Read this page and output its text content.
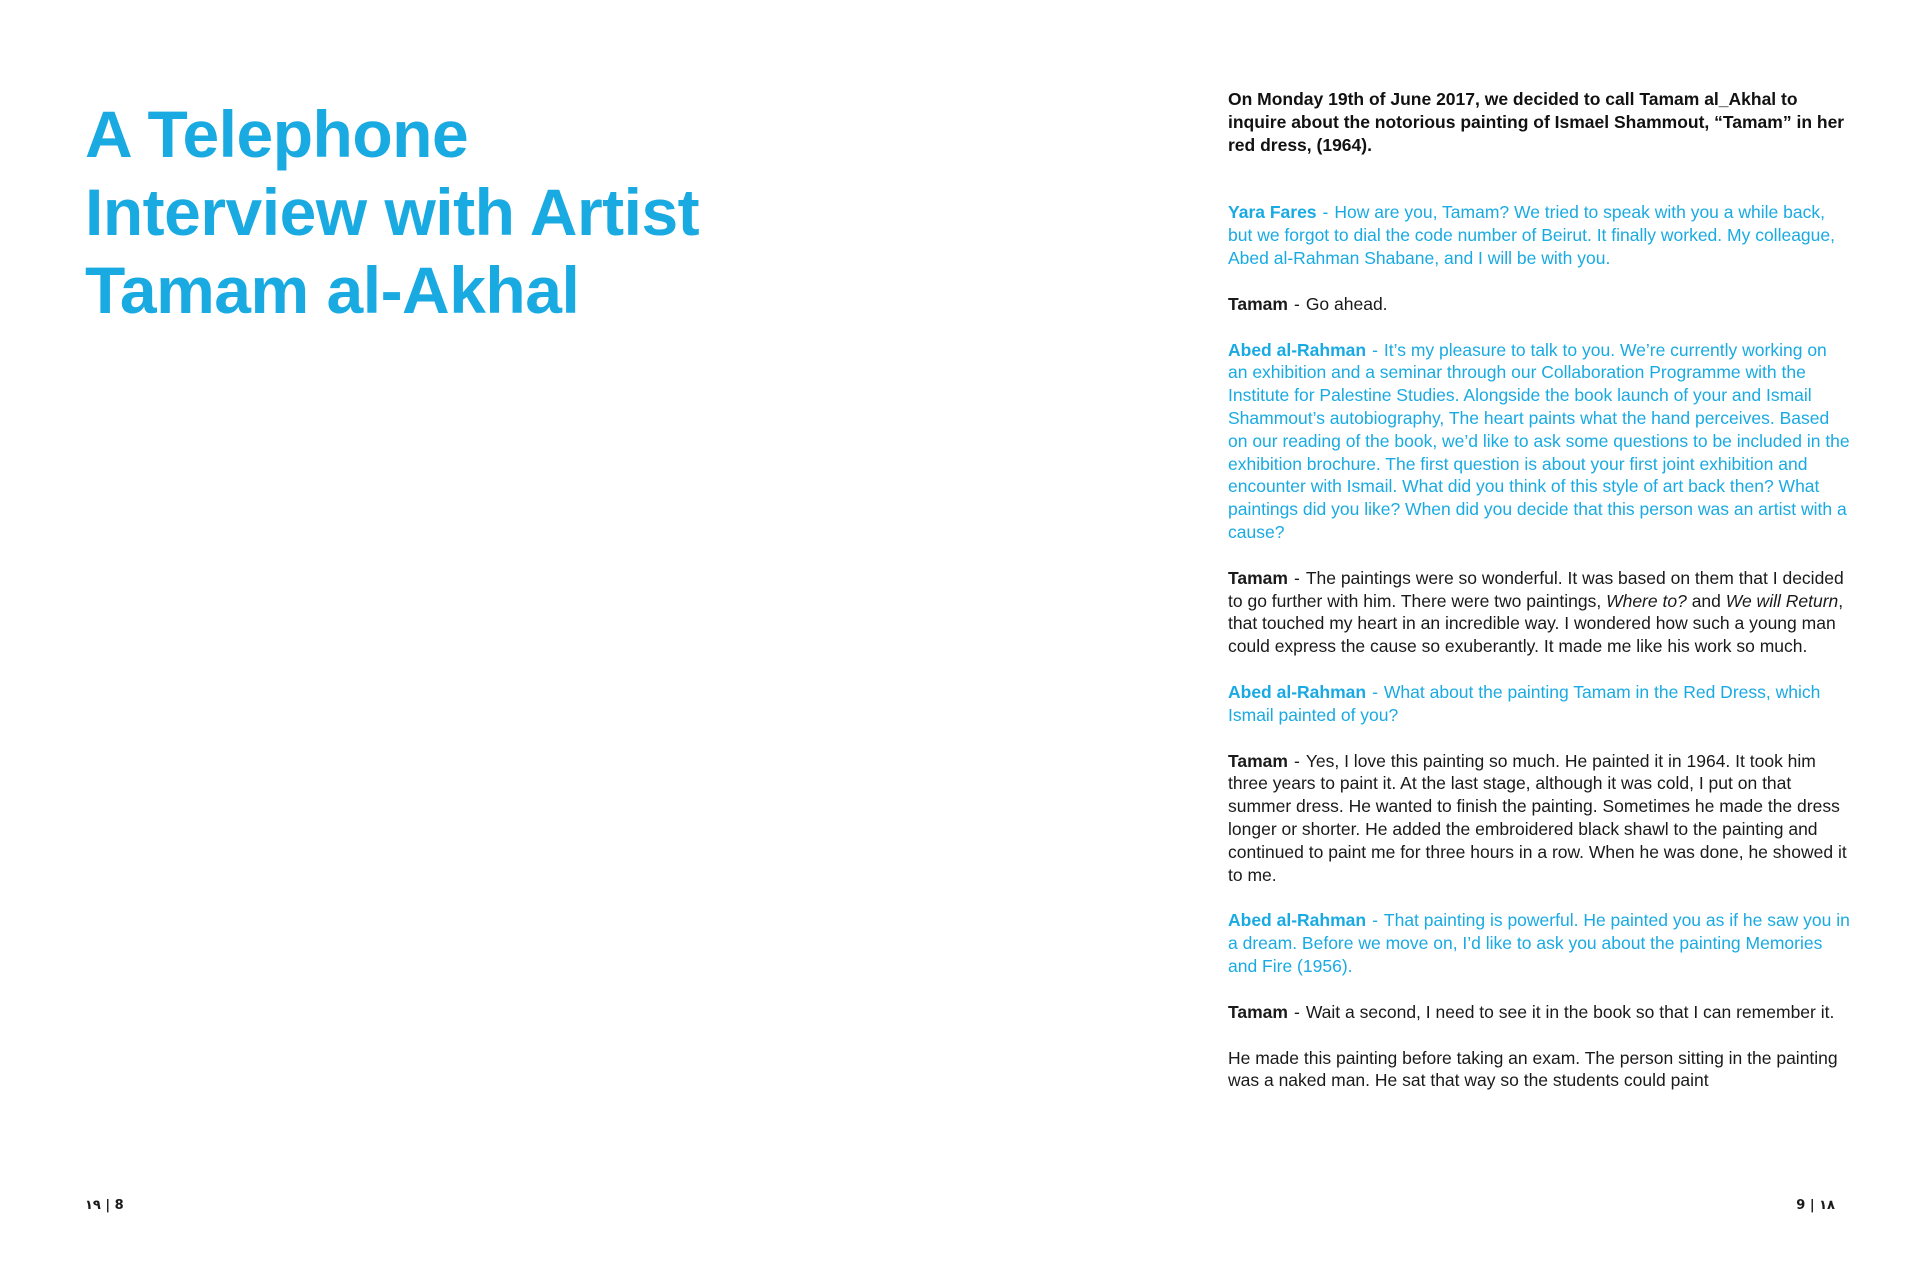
A Telephone
Interview with Artist
Tamam al-Akhal
١٩ | 8

On Monday 19th of June 2017, we decided to call Tamam al_Akhal to inquire about the notorious painting of Ismael Shammout, “Tamam” in her red dress, (1964).

Yara Fares - How are you, Tamam? We tried to speak with you a while back, but we forgot to dial the code number of Beirut. It finally worked. My colleague, Abed al-Rahman Shabane, and I will be with you.

Tamam - Go ahead.

Abed al-Rahman - It’s my pleasure to talk to you. We’re currently working on an exhibition and a seminar through our Collaboration Programme with the Institute for Palestine Studies. Alongside the book launch of your and Ismail Shammout’s autobiography, The heart paints what the hand perceives. Based on our reading of the book, we’d like to ask some questions to be included in the exhibition brochure. The first question is about your first joint exhibition and encounter with Ismail. What did you think of this style of art back then? What paintings did you like? When did you decide that this person was an artist with a cause?

Tamam - The paintings were so wonderful. It was based on them that I decided to go further with him. There were two paintings, Where to? and We will Return, that touched my heart in an incredible way. I wondered how such a young man could express the cause so exuberantly. It made me like his work so much.

Abed al-Rahman - What about the painting Tamam in the Red Dress, which Ismail painted of you?

Tamam - Yes, I love this painting so much. He painted it in 1964. It took him three years to paint it. At the last stage, although it was cold, I put on that summer dress. He wanted to finish the painting. Sometimes he made the dress longer or shorter. He added the embroidered black shawl to the painting and continued to paint me for three hours in a row. When he was done, he showed it to me.

Abed al-Rahman - That painting is powerful. He painted you as if he saw you in a dream. Before we move on, I’d like to ask you about the painting Memories and Fire (1956).

Tamam - Wait a second, I need to see it in the book so that I can remember it.

He made this painting before taking an exam. The person sitting in the painting was a naked man. He sat that way so the students could paint

9 | ١٨
